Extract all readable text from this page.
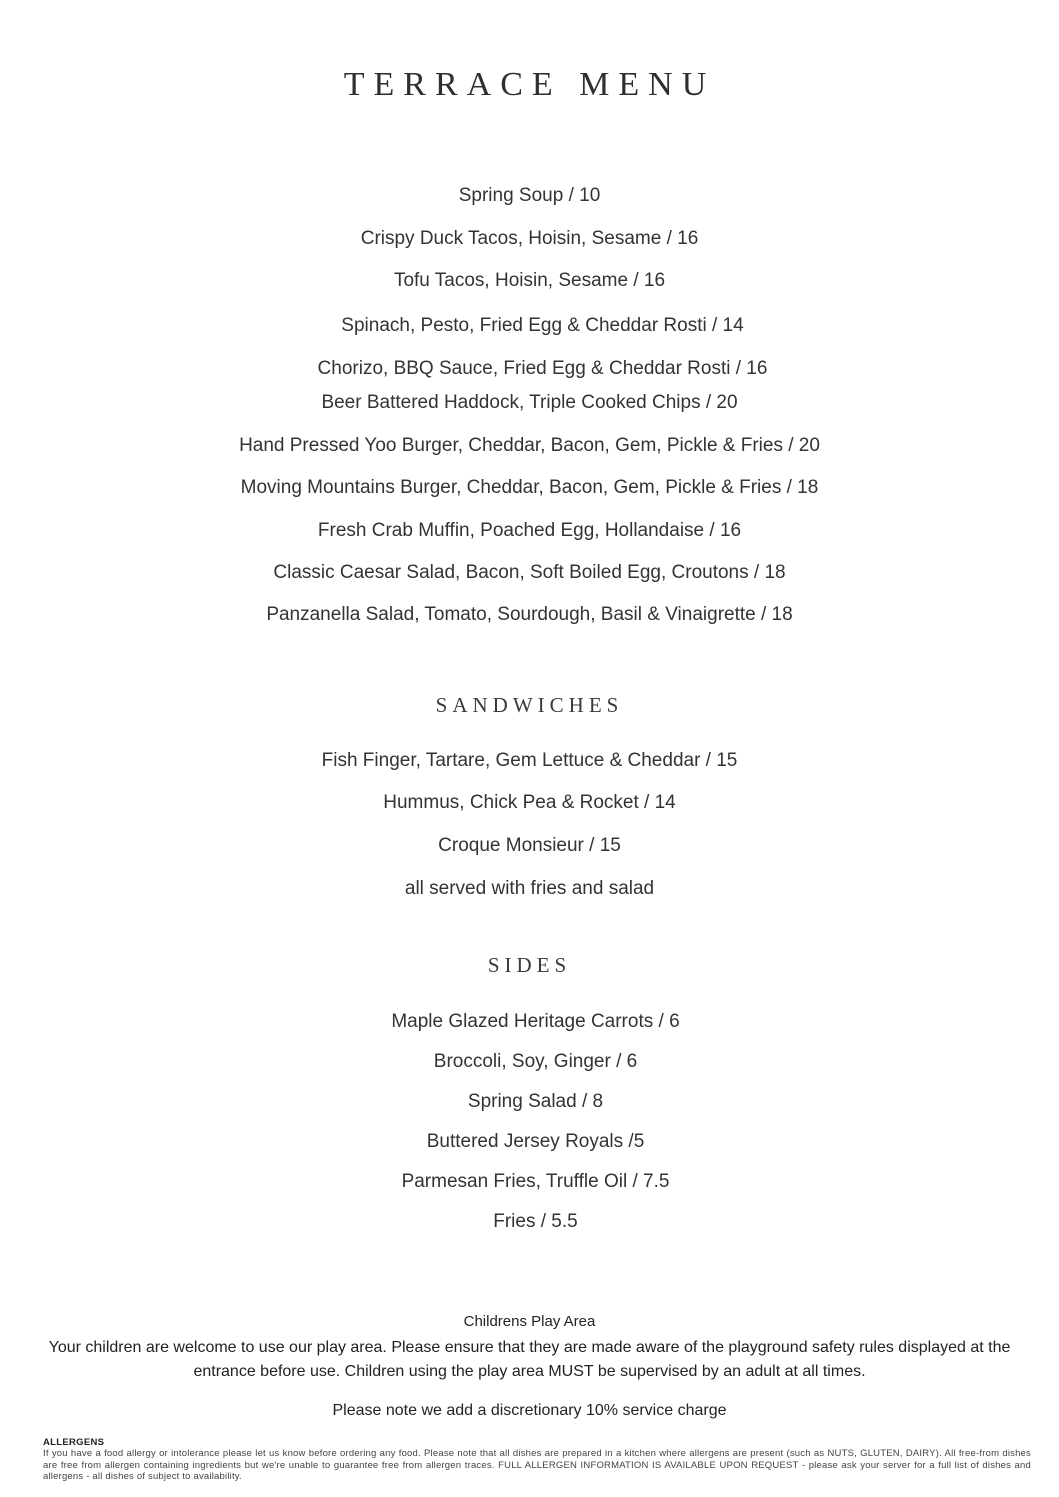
TERRACE MENU
Spring Soup / 10
Crispy Duck Tacos, Hoisin, Sesame / 16
Tofu Tacos, Hoisin, Sesame / 16
Spinach, Pesto, Fried Egg & Cheddar Rosti / 14
Chorizo, BBQ Sauce, Fried Egg & Cheddar Rosti / 16
Beer Battered Haddock, Triple Cooked Chips / 20
Hand Pressed Yoo Burger, Cheddar, Bacon, Gem, Pickle & Fries / 20
Moving Mountains Burger, Cheddar, Bacon, Gem, Pickle & Fries / 18
Fresh Crab Muffin, Poached Egg, Hollandaise / 16
Classic Caesar Salad, Bacon, Soft Boiled Egg, Croutons / 18
Panzanella Salad, Tomato, Sourdough, Basil & Vinaigrette / 18
SANDWICHES
Fish Finger, Tartare, Gem Lettuce & Cheddar / 15
Hummus, Chick Pea & Rocket / 14
Croque Monsieur / 15
all served with fries and salad
SIDES
Maple Glazed Heritage Carrots / 6
Broccoli, Soy, Ginger / 6
Spring Salad / 8
Buttered Jersey Royals /5
Parmesan Fries, Truffle Oil / 7.5
Fries / 5.5
Childrens Play Area
Your children are welcome to use our play area. Please ensure that they are made aware of the playground safety rules displayed at the entrance before use. Children using the play area MUST be supervised by an adult at all times.
Please note we add a discretionary 10% service charge
ALLERGENS
If you have a food allergy or intolerance please let us know before ordering any food. Please note that all dishes are prepared in a kitchen where allergens are present (such as NUTS, GLUTEN, DAIRY). All free-from dishes are free from allergen containing ingredients but we're unable to guarantee free from allergen traces. FULL ALLERGEN INFORMATION IS AVAILABLE UPON REQUEST - please ask your server for a full list of dishes and allergens - all dishes of subject to availability.
